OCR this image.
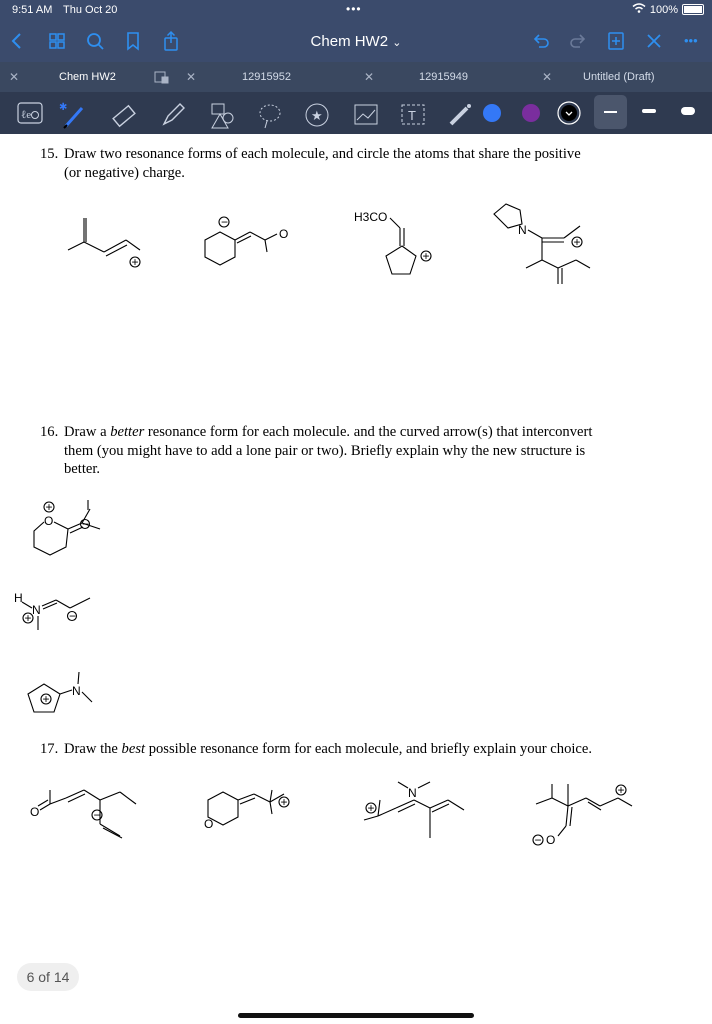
9:51 AM Thu Oct 20	•••	100%
Chem HW2 ⌄	•••
✕	Chem HW2	✕	12915952	✕	12915949	✕	Untitled (Draft)
ℓe
✱
★	T
15. Draw two resonance forms of each molecule, and circle the atoms that share the positive
(or negative) charge.
+
O
−	H3CO
+
N
+
16. Draw a better resonance form for each molecule. and the curved arrow(s) that interconvert
them (you might have to add a lone pair or two). Briefly explain why the new structure is
better.
+
O −
H
N
+	−
N
+
17. Draw the best possible resonance form for each molecule, and briefly explain your choice.
O	−
O
+	+
N	+
O
−
6 of 14
